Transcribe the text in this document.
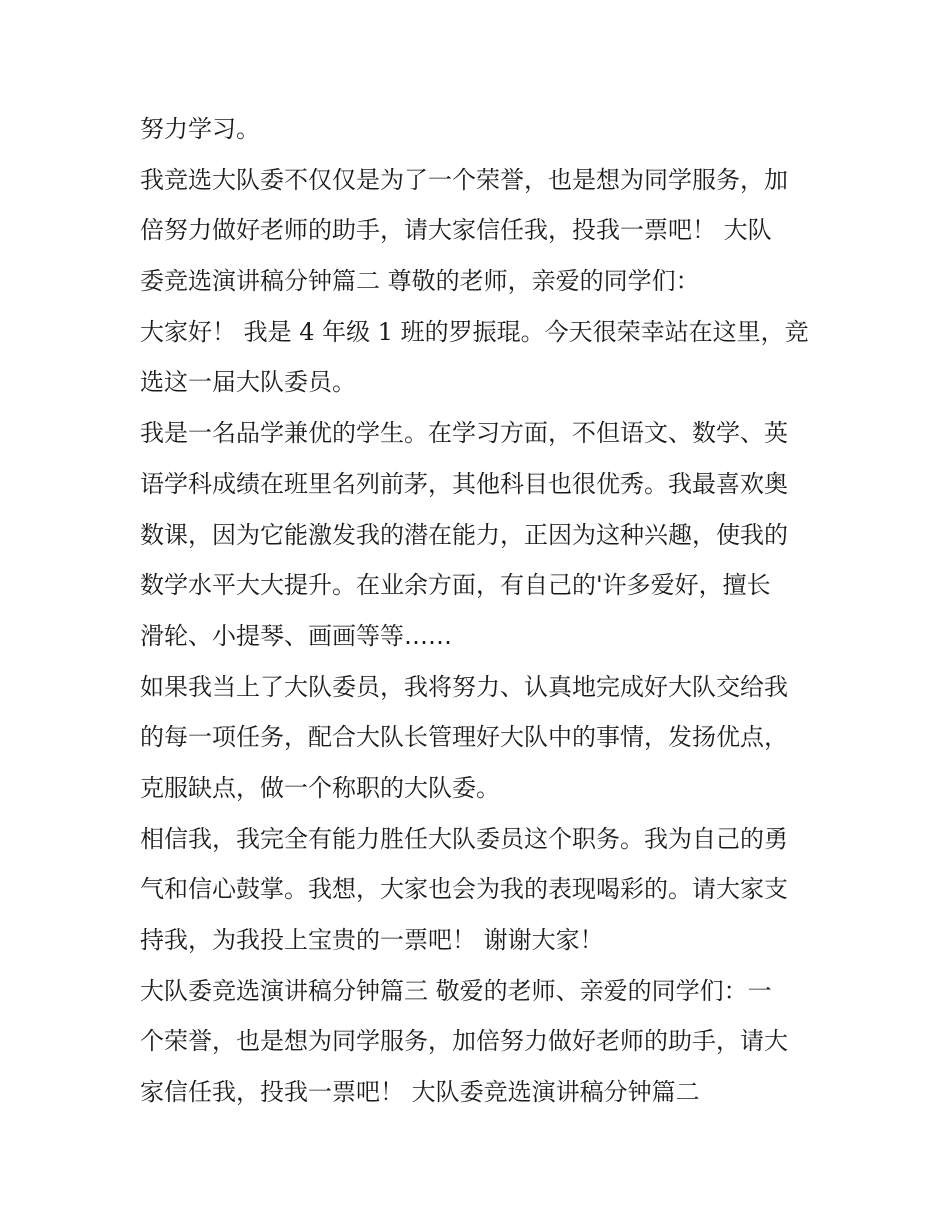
努力学习。
我竞选大队委不仅仅是为了一个荣誉，也是想为同学服务，加
倍努力做好老师的助手，请大家信任我，投我一票吧！ 大队
委竞选演讲稿分钟篇二 尊敬的老师，亲爱的同学们：
大家好！ 我是 4 年级 1 班的罗振琨。今天很荣幸站在这里，竞
选这一届大队委员。
我是一名品学兼优的学生。在学习方面，不但语文、数学、英
语学科成绩在班里名列前茅，其他科目也很优秀。我最喜欢奥
数课，因为它能激发我的潜在能力，正因为这种兴趣，使我的
数学水平大大提升。在业余方面，有自己的'许多爱好，擅长
滑轮、小提琴、画画等等……
如果我当上了大队委员，我将努力、认真地完成好大队交给我
的每一项任务，配合大队长管理好大队中的事情，发扬优点，
克服缺点，做一个称职的大队委。
相信我，我完全有能力胜任大队委员这个职务。我为自己的勇
气和信心鼓掌。我想，大家也会为我的表现喝彩的。请大家支
持我，为我投上宝贵的一票吧！ 谢谢大家！
大队委竞选演讲稿分钟篇三 敬爱的老师、亲爱的同学们：一
个荣誉，也是想为同学服务，加倍努力做好老师的助手，请大
家信任我，投我一票吧！ 大队委竞选演讲稿分钟篇二
